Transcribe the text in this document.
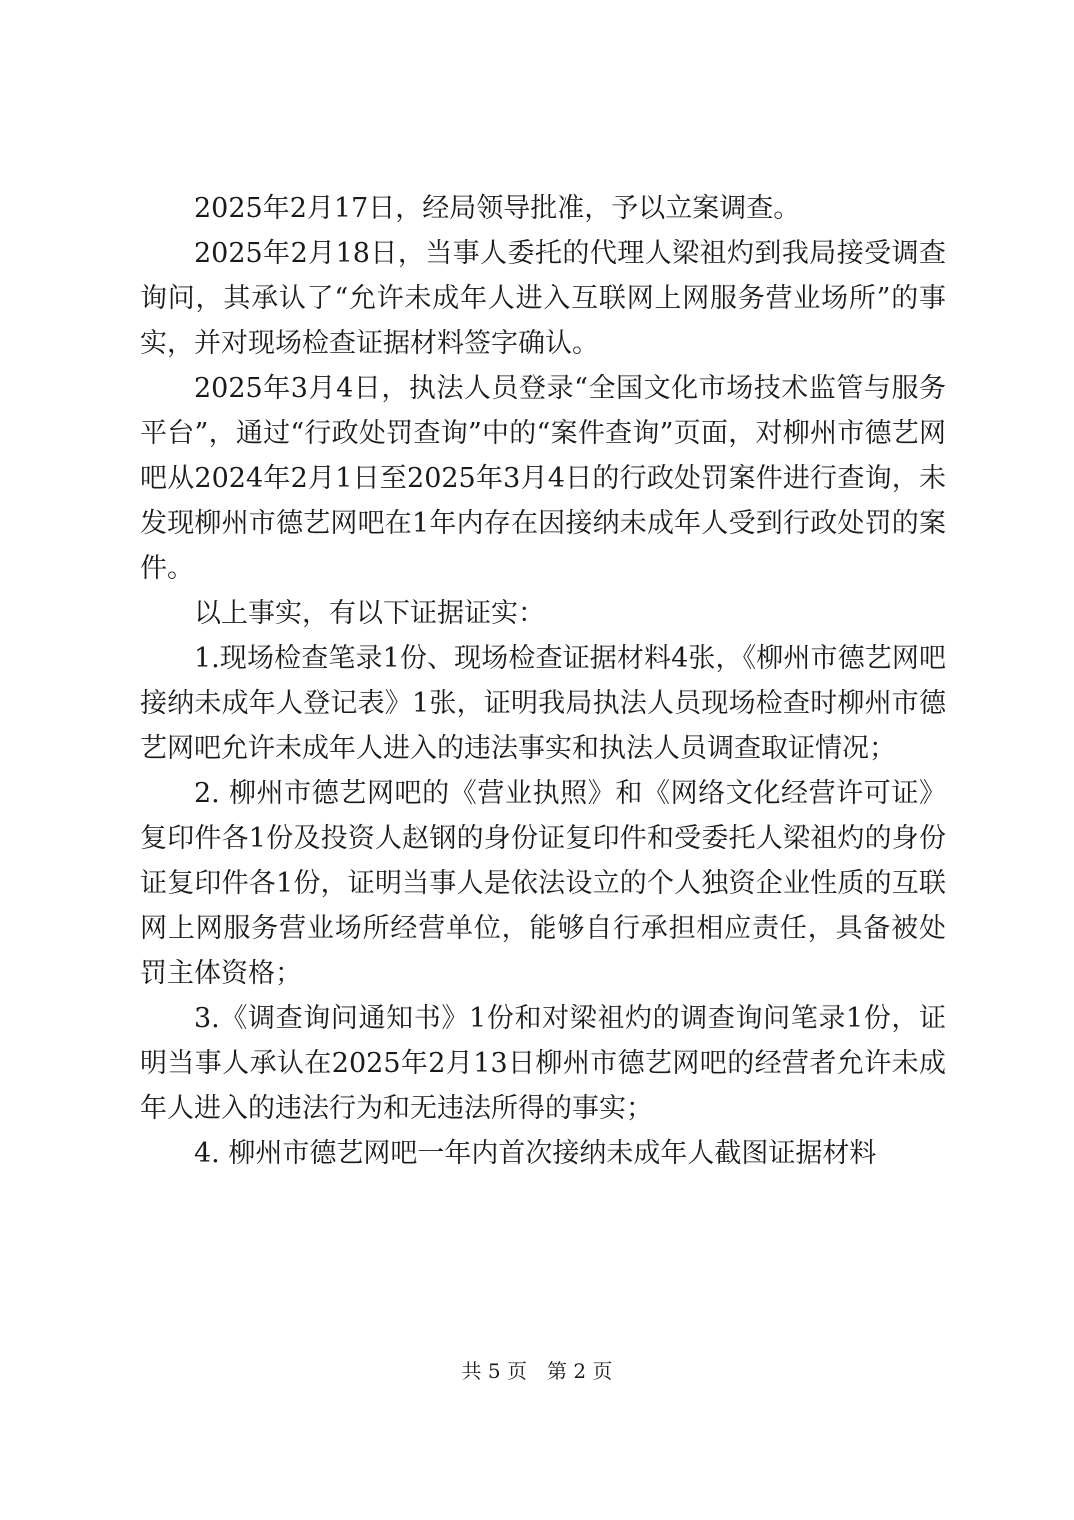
2025年2月17日，经局领导批准，予以立案调查。

2025年2月18日，当事人委托的代理人梁祖灼到我局接受调查询问，其承认了“允许未成年人进入互联网上网服务营业场所”的事实，并对现场检查证据材料签字确认。

2025年3月4日，执法人员登录“全国文化市场技术监管与服务平台”，通过“行政处罚查询”中的“案件查询”页面，对柳州市德艺网吧从2024年2月1日至2025年3月4日的行政处罚案件进行查询，未发现柳州市德艺网吧在1年内存在因接纳未成年人受到行政处罚的案件。

以上事实，有以下证据证实：

1.现场检查笔录1份、现场检查证据材料4张，《柳州市德艺网吧接纳未成年人登记表》1张，证明我局执法人员现场检查时柳州市德艺网吧允许未成年人进入的违法事实和执法人员调查取证情况；

2. 柳州市德艺网吧的《营业执照》和《网络文化经营许可证》复印件各1份及投资人赵钢的身份证复印件和受委托人梁祖灼的身份证复印件各1份，证明当事人是依法设立的个人独资企业性质的互联网上网服务营业场所经营单位，能够自行承担相应责任，具备被处罚主体资格；

3.《调查询问通知书》1份和对梁祖灼的调查询问笔录1份，证明当事人承认在2025年2月13日柳州市德艺网吧的经营者允许未成年人进入的违法行为和无违法所得的事实；

4. 柳州市德艺网吧一年内首次接纳未成年人截图证据材料

共 5 页　第 2 页
